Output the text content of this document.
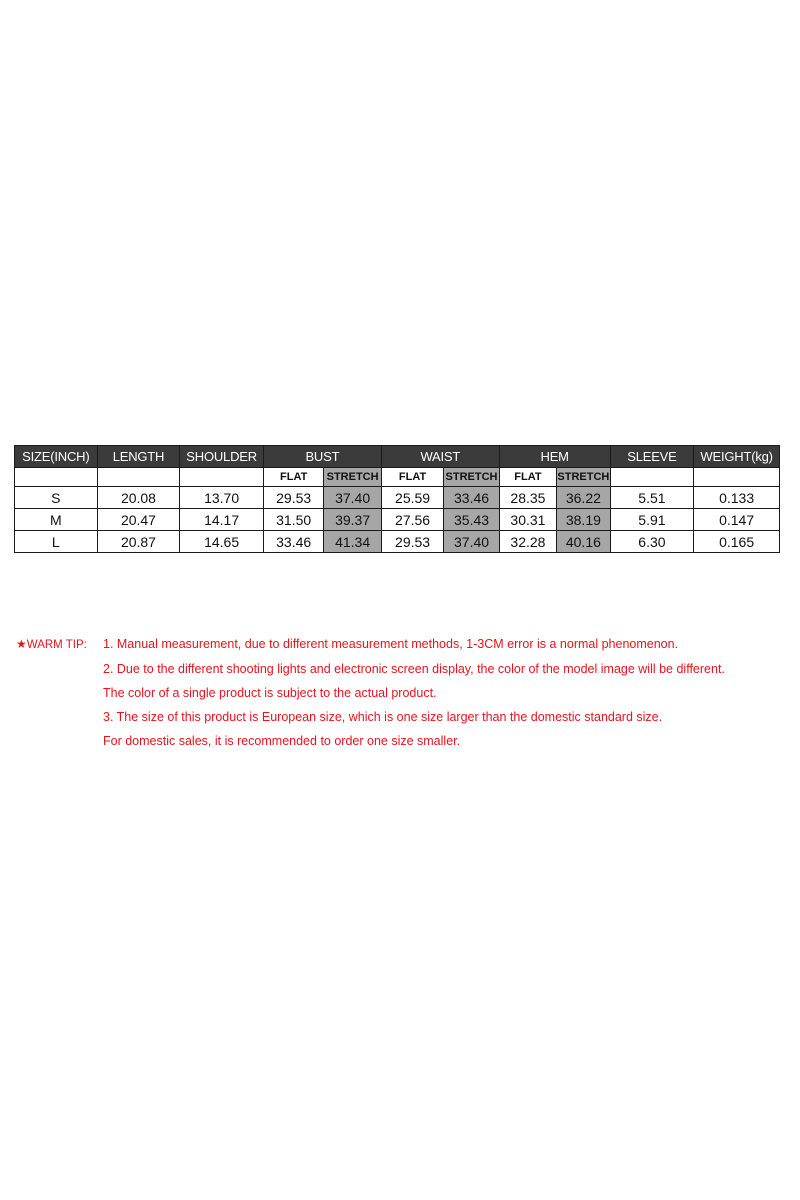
SIZE(INCH)	LENGTH	SHOULDER	BUST		WAIST		HEM		SLEEVE	WEIGHT(kg)
			FLAT	STRETCH	FLAT	STRETCH	FLAT	STRETCH		
S	20.08	13.70	29.53	37.40	25.59	33.46	28.35	36.22	5.51	0.133
M	20.47	14.17	31.50	39.37	27.56	35.43	30.31	38.19	5.91	0.147
L	20.87	14.65	33.46	41.34	29.53	37.40	32.28	40.16	6.30	0.165
★WARM TIP:	1. Manual measurement, due to different measurement methods, 1-3CM error is a normal phenomenon.
2. Due to the different shooting lights and electronic screen display, the color of the model image will be different.
The color of a single product is subject to the actual product.
3. The size of this product is European size, which is one size larger than the domestic standard size.
For domestic sales, it is recommended to order one size smaller.
